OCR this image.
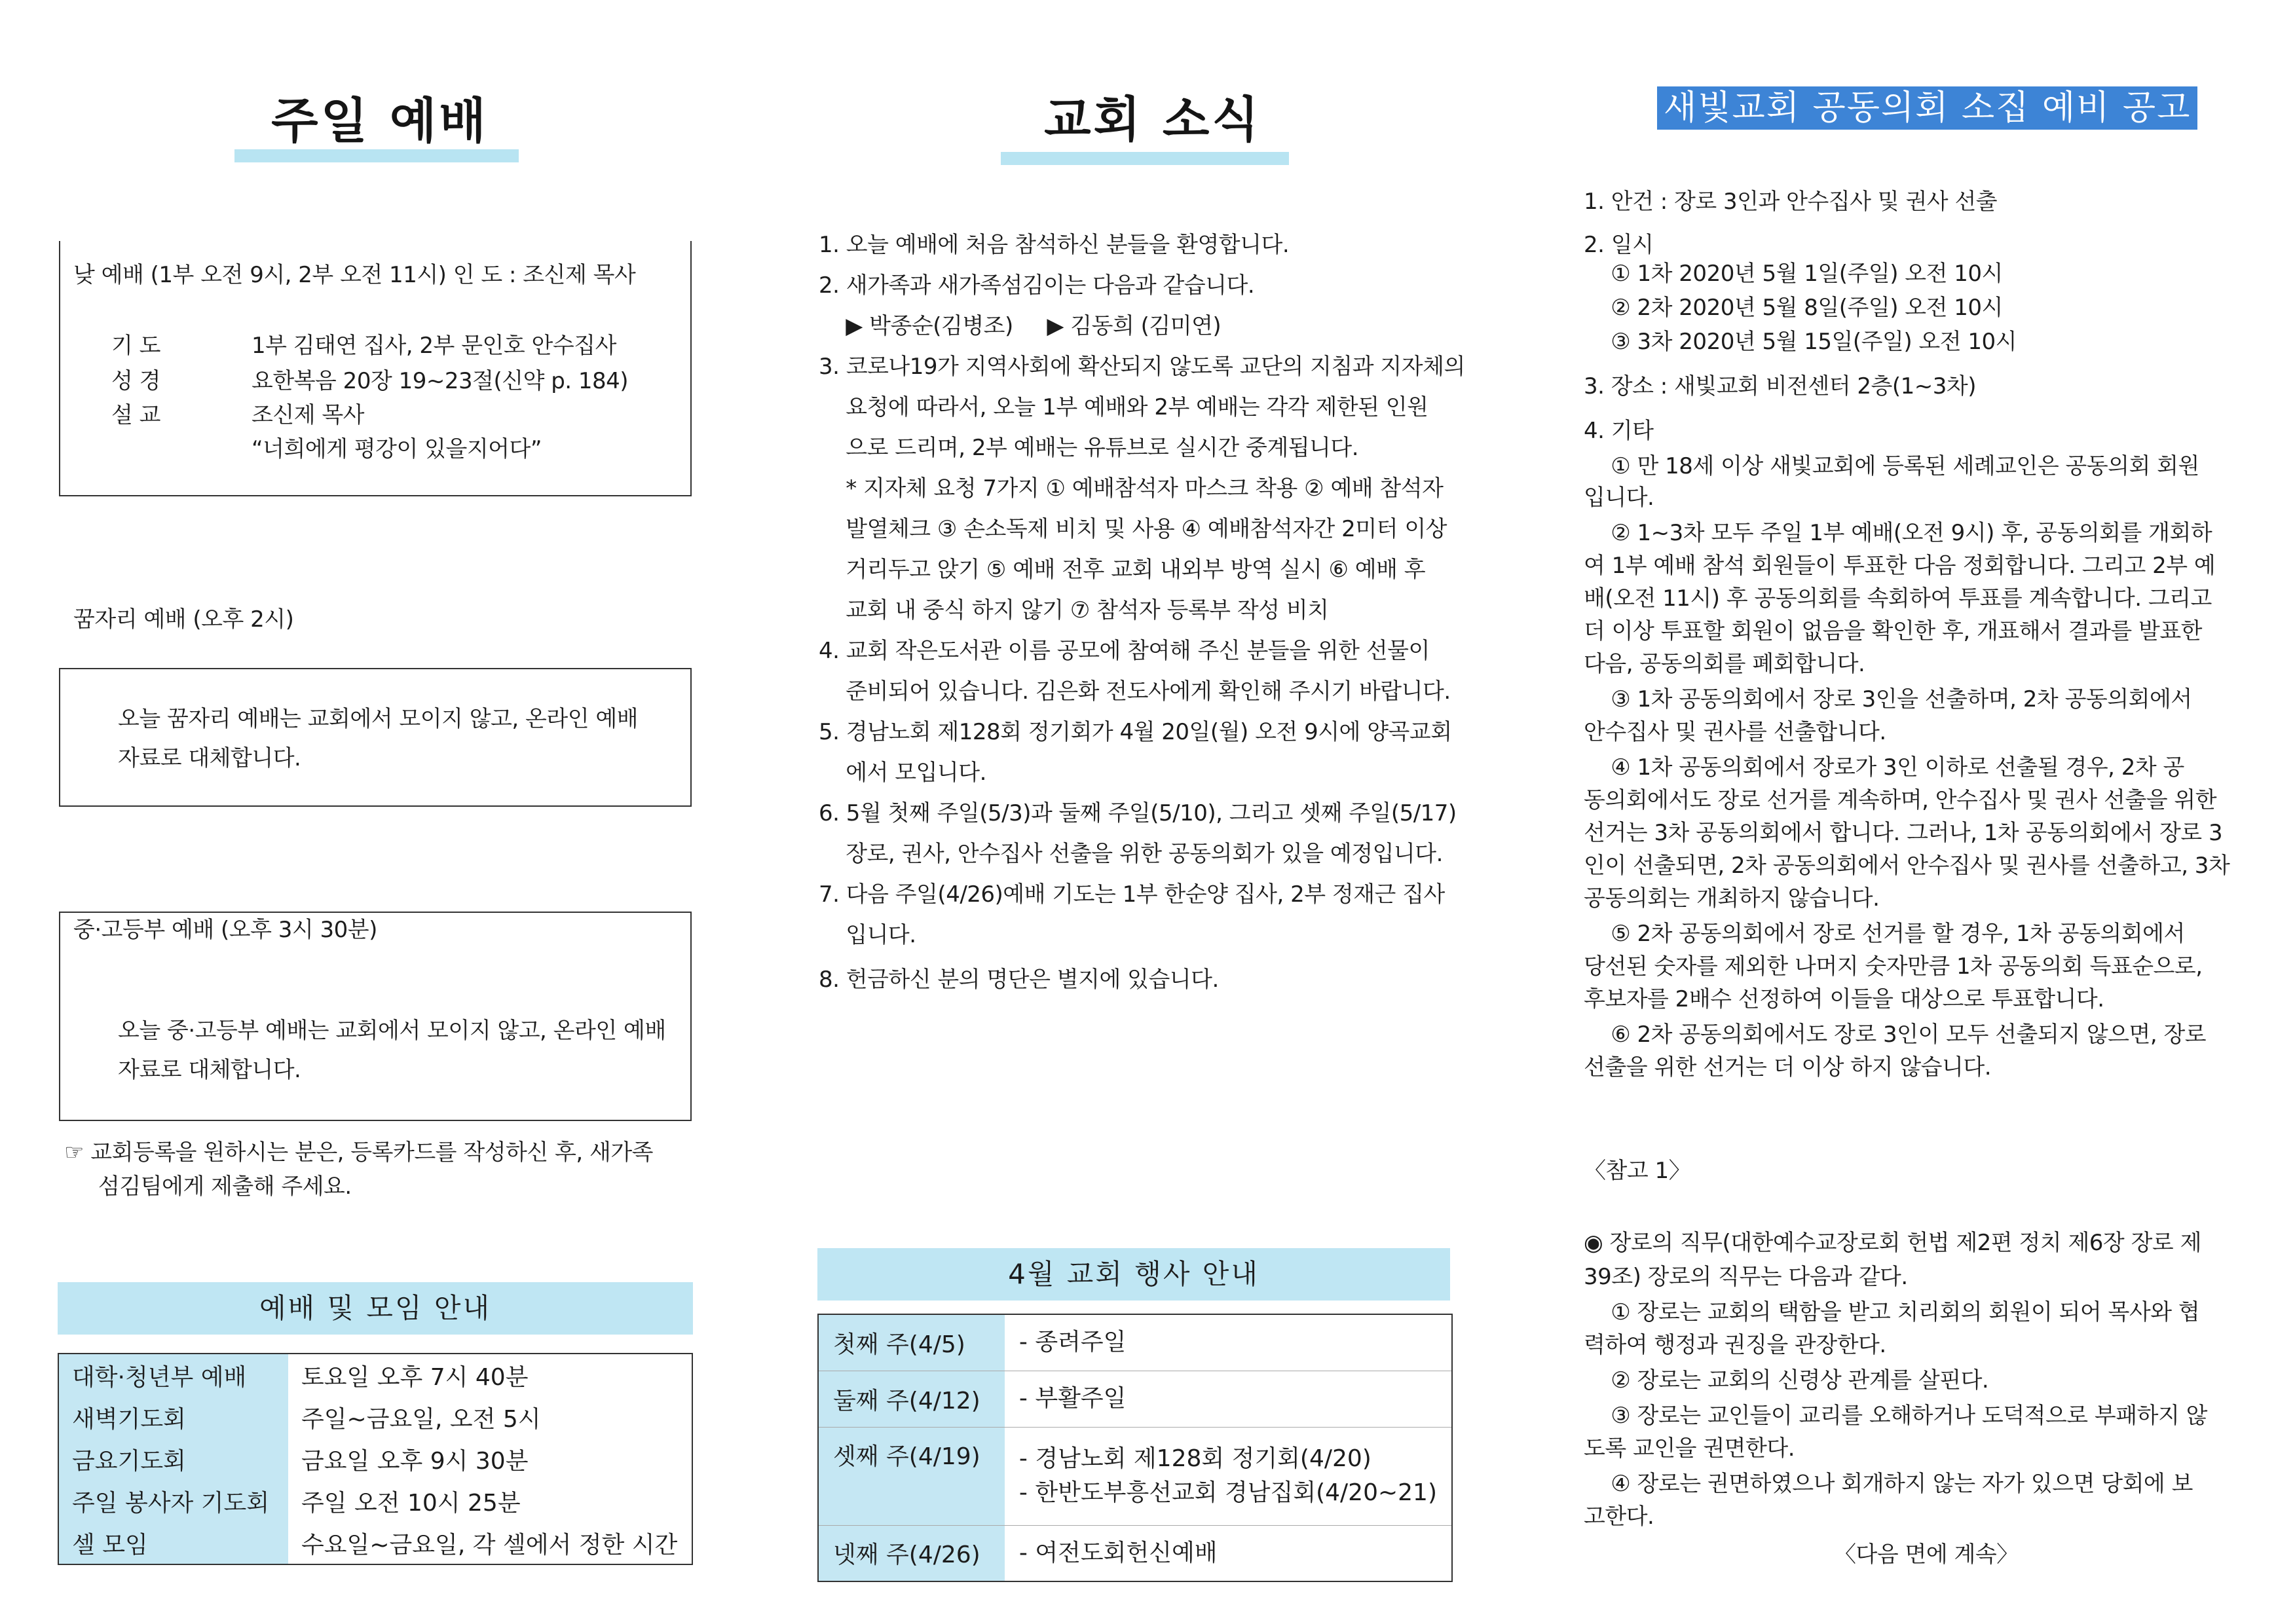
주일 예배
낮 예배 (1부 오전 9시, 2부 오전 11시) 인 도 : 조신제 목사
기 도	1부 김태연 집사, 2부 문인호 안수집사
성 경	요한복음 20장 19~23절(신약 p. 184)
설 교	조신제 목사
“너희에게 평강이 있을지어다”
꿈자리 예배 (오후 2시)
오늘 꿈자리 예배는 교회에서 모이지 않고, 온라인 예배
자료로 대체합니다.
중·고등부 예배 (오후 3시 30분)
오늘 중·고등부 예배는 교회에서 모이지 않고, 온라인 예배
자료로 대체합니다.
☞ 교회등록을 원하시는 분은, 등록카드를 작성하신 후, 새가족
섬김팀에게 제출해 주세요.
예배 및 모임 안내
대학·청년부 예배	토요일 오후 7시 40분
새벽기도회	주일~금요일, 오전 5시
금요기도회	금요일 오후 9시 30분
주일 봉사자 기도회	주일 오전 10시 25분
셀 모임	수요일~금요일, 각 셀에서 정한 시간
교회 소식
1. 오늘 예배에 처음 참석하신 분들을 환영합니다.
2. 새가족과 새가족섬김이는 다음과 같습니다.
▶ 박종순(김병조)     ▶ 김동희 (김미연)
3. 코로나19가 지역사회에 확산되지 않도록 교단의 지침과 지자체의
요청에 따라서, 오늘 1부 예배와 2부 예배는 각각 제한된 인원
으로 드리며, 2부 예배는 유튜브로 실시간 중계됩니다.
* 지자체 요청 7가지 ① 예배참석자 마스크 착용 ② 예배 참석자
발열체크 ③ 손소독제 비치 및 사용 ④ 예배참석자간 2미터 이상
거리두고 앉기 ⑤ 예배 전후 교회 내외부 방역 실시 ⑥ 예배 후
교회 내 중식 하지 않기 ⑦ 참석자 등록부 작성 비치
4. 교회 작은도서관 이름 공모에 참여해 주신 분들을 위한 선물이
준비되어 있습니다. 김은화 전도사에게 확인해 주시기 바랍니다.
5. 경남노회 제128회 정기회가 4월 20일(월) 오전 9시에 양곡교회
에서 모입니다.
6. 5월 첫째 주일(5/3)과 둘째 주일(5/10), 그리고 셋째 주일(5/17)
장로, 권사, 안수집사 선출을 위한 공동의회가 있을 예정입니다.
7. 다음 주일(4/26)예배 기도는 1부 한순양 집사, 2부 정재근 집사
입니다.
8. 헌금하신 분의 명단은 별지에 있습니다.
4월 교회 행사 안내
첫째 주(4/5)	- 종려주일

둘째 주(4/12)	- 부활주일

셋째 주(4/19)	- 경남노회 제128회 정기회(4/20)
- 한반도부흥선교회 경남집회(4/20~21)

넷째 주(4/26)	- 여전도회헌신예배
새빛교회 공동의회 소집 예비 공고
1. 안건 : 장로 3인과 안수집사 및 권사 선출
2. 일시
① 1차 2020년 5월 1일(주일) 오전 10시
② 2차 2020년 5월 8일(주일) 오전 10시
③ 3차 2020년 5월 15일(주일) 오전 10시
3. 장소 : 새빛교회 비전센터 2층(1~3차)
4. 기타
① 만 18세 이상 새빛교회에 등록된 세례교인은 공동의회 회원
입니다.
② 1~3차 모두 주일 1부 예배(오전 9시) 후, 공동의회를 개회하
여 1부 예배 참석 회원들이 투표한 다음 정회합니다. 그리고 2부 예
배(오전 11시) 후 공동의회를 속회하여 투표를 계속합니다. 그리고
더 이상 투표할 회원이 없음을 확인한 후, 개표해서 결과를 발표한
다음, 공동의회를 폐회합니다.
③ 1차 공동의회에서 장로 3인을 선출하며, 2차 공동의회에서
안수집사 및 권사를 선출합니다.
④ 1차 공동의회에서 장로가 3인 이하로 선출될 경우, 2차 공
동의회에서도 장로 선거를 계속하며, 안수집사 및 권사 선출을 위한
선거는 3차 공동의회에서 합니다. 그러나, 1차 공동의회에서 장로 3
인이 선출되면, 2차 공동의회에서 안수집사 및 권사를 선출하고, 3차
공동의회는 개최하지 않습니다.
⑤ 2차 공동의회에서 장로 선거를 할 경우, 1차 공동의회에서
당선된 숫자를 제외한 나머지 숫자만큼 1차 공동의회 득표순으로,
후보자를 2배수 선정하여 이들을 대상으로 투표합니다.
⑥ 2차 공동의회에서도 장로 3인이 모두 선출되지 않으면, 장로
선출을 위한 선거는 더 이상 하지 않습니다.
〈참고 1〉
◉ 장로의 직무(대한예수교장로회 헌법 제2편 정치 제6장 장로 제
39조) 장로의 직무는 다음과 같다.
① 장로는 교회의 택함을 받고 치리회의 회원이 되어 목사와 협
력하여 행정과 권징을 관장한다.
② 장로는 교회의 신령상 관계를 살핀다.
③ 장로는 교인들이 교리를 오해하거나 도덕적으로 부패하지 않
도록 교인을 권면한다.
④ 장로는 권면하였으나 회개하지 않는 자가 있으면 당회에 보
고한다.
〈다음 면에 계속〉
